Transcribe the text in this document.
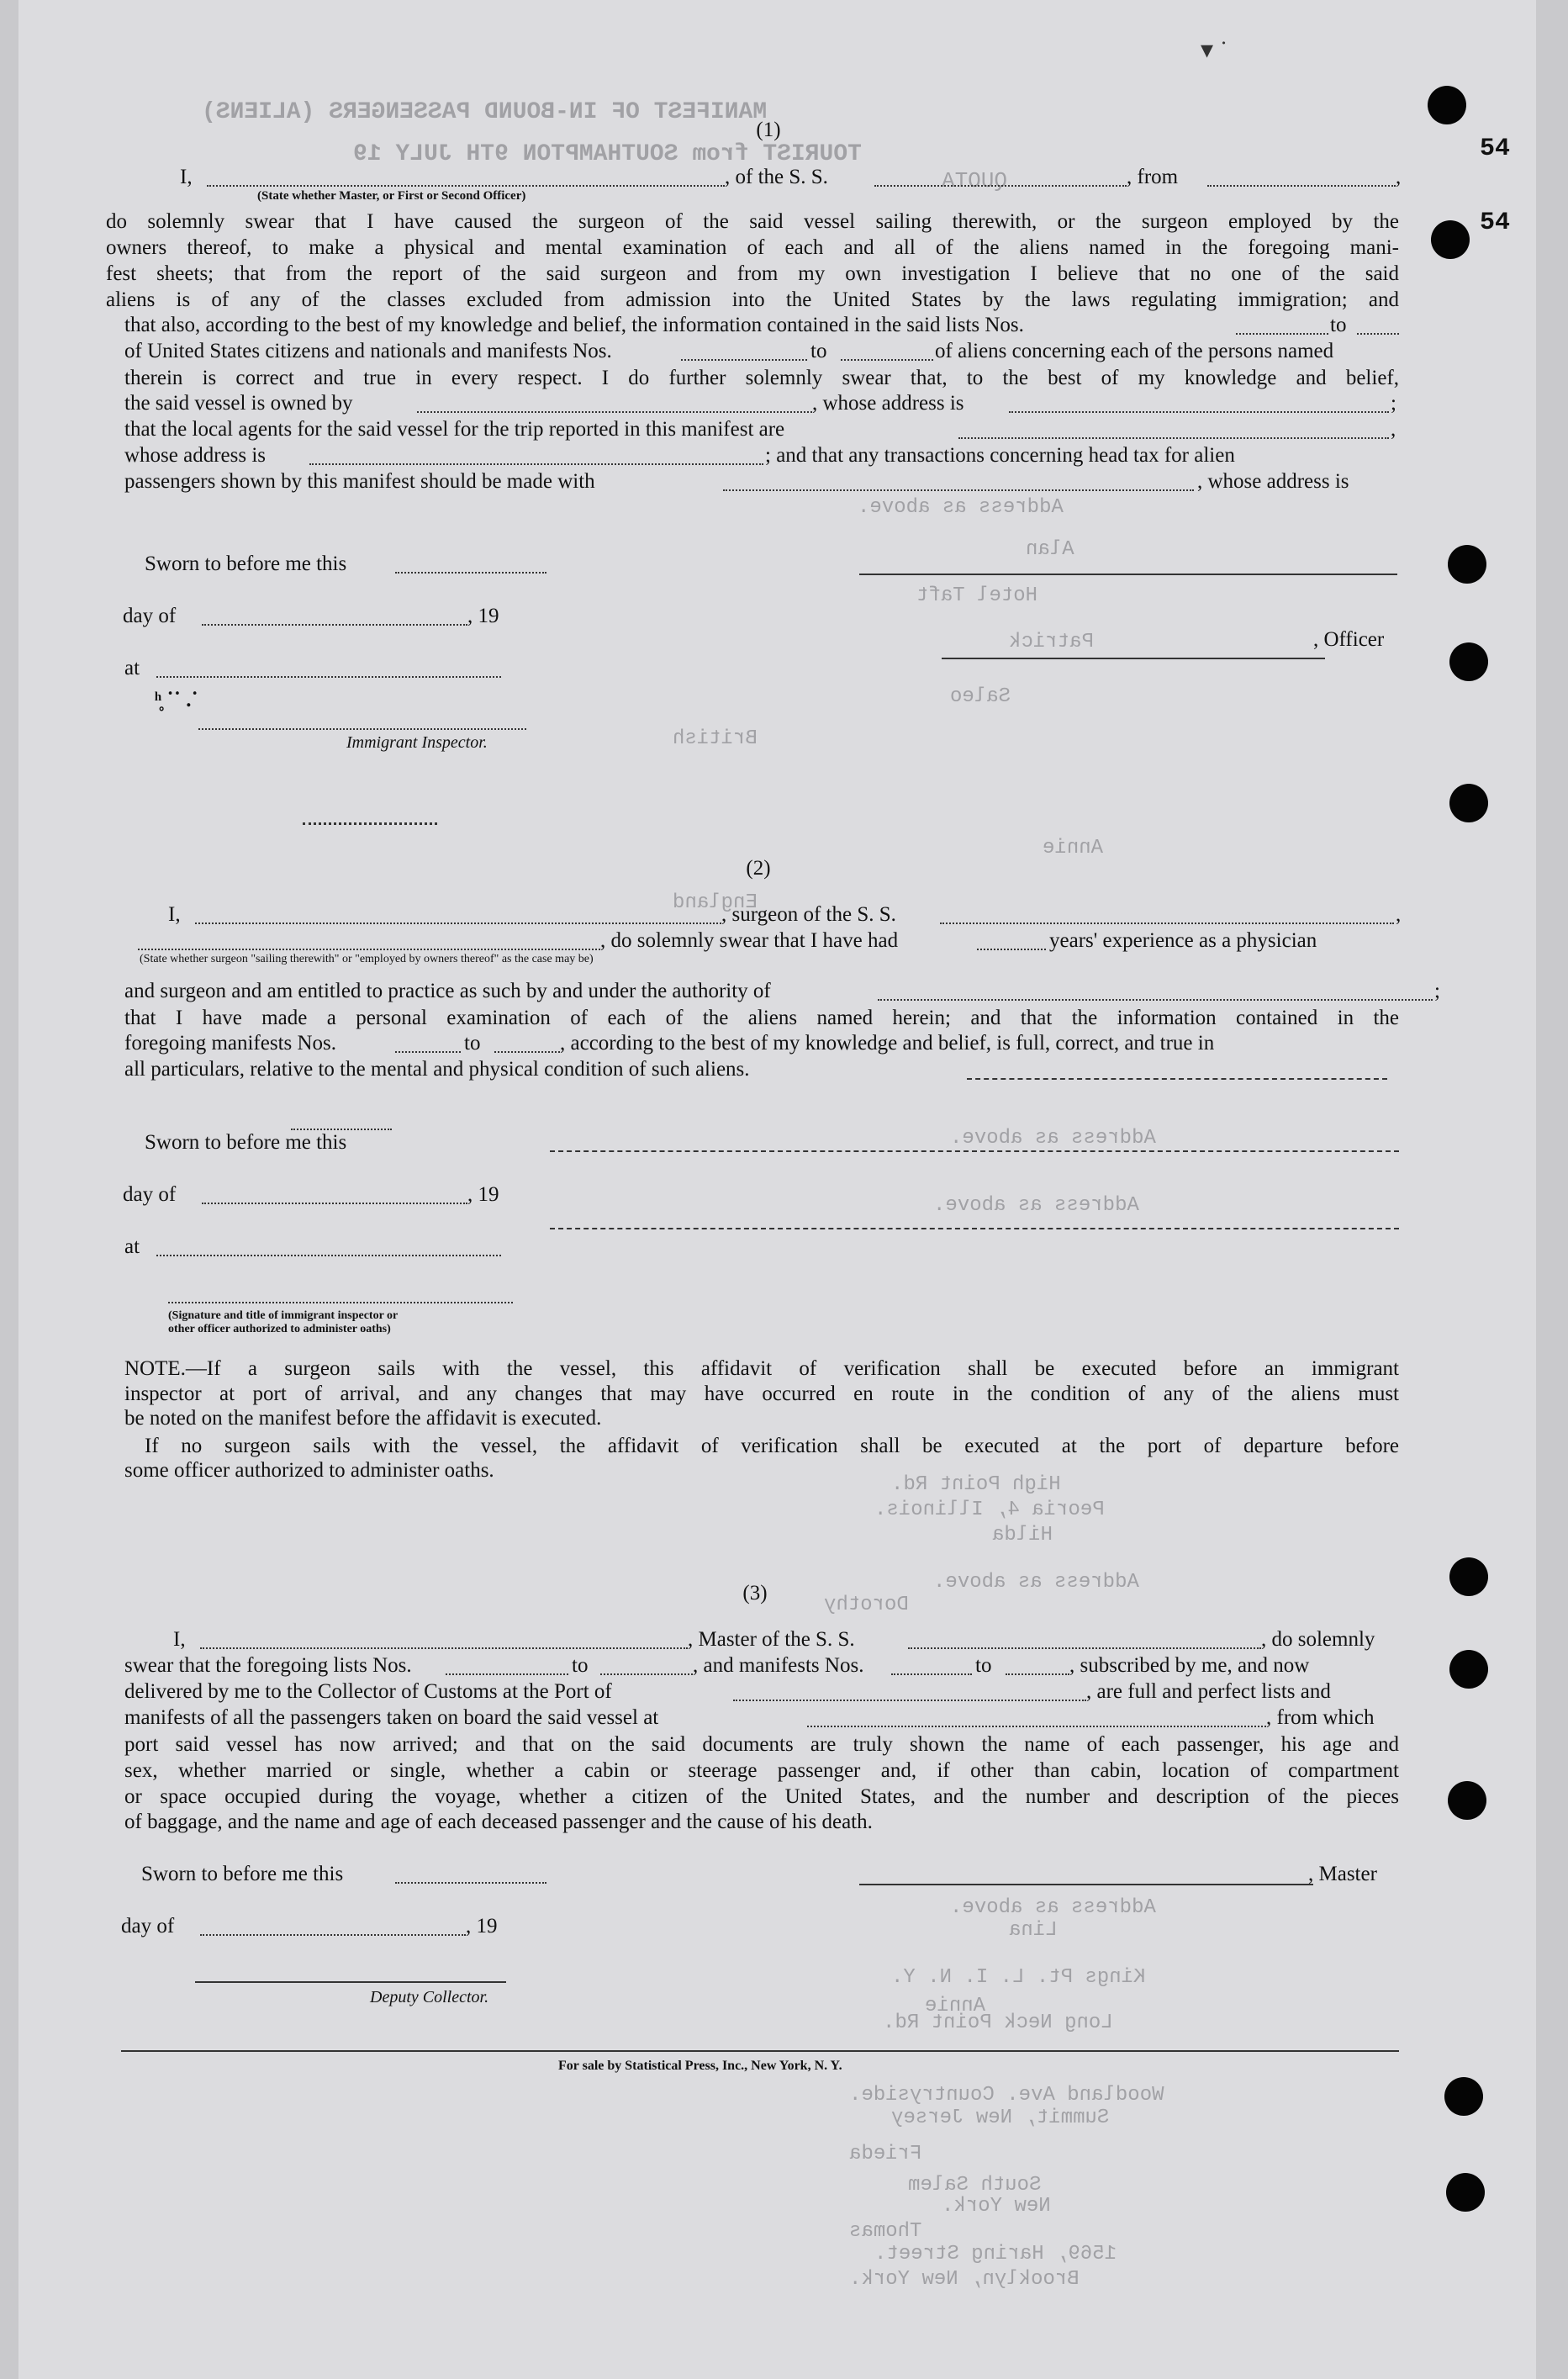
▾ ˙
MANIFEST OF IN-BOUND PASSENGERS (ALIENS)
TOURIST from SOUTHAMPTON 9TH JULY 19
QUOTA
Address as above.
Alan
Hotel Taft
Patrick
Saleo
British
Annie
England
Address as above.
Address as above.
High Point Rd.
Peoria 4, Illinois.
Hilda
Address as above.
Dorothy
Address as above.
Lina
Kings Pt. L. I. N. Y.
Annie
Long Neck Point Rd.
Woodland Ave. Countryside.
Summit, New Jersey
Frieda
South Salem
New York.
Thomas
1569, Haring Street.
Brooklyn, New York.
54
54
(1)
I,	, of the S. S.	, from	,
(State whether Master, or First or Second Officer)
do solemnly swear that I have caused the surgeon of the said vessel sailing therewith, or the surgeon employed by the
owners thereof, to make a physical and mental examination of each and all of the aliens named in the foregoing mani-
fest sheets; that from the report of the said surgeon and from my own investigation I believe that no one of the said
aliens is of any of the classes excluded from admission into the United States by the laws regulating immigration; and
that also, according to the best of my knowledge and belief, the information contained in the said lists Nos.	to
of United States citizens and nationals and manifests Nos.	to	of aliens concerning each of the persons named
therein is correct and true in every respect. I do further solemnly swear that, to the best of my knowledge and belief,
the said vessel is owned by	, whose address is	;
that the local agents for the said vessel for the trip reported in this manifest are	,
whose address is	; and that any transactions concerning head tax for alien
passengers shown by this manifest should be made with	, whose address is
Sworn to before me this
day of	, 19
, Officer
at
ʰ̥ ˙˙ .˙
Immigrant Inspector.
(2)
I,	, surgeon of the S. S.	,
, do solemnly swear that I have had	years' experience as a physician
(State whether surgeon "sailing therewith" or "employed by owners thereof" as the case may be)
and surgeon and am entitled to practice as such by and under the authority of	;
that I have made a personal examination of each of the aliens named herein; and that the information contained in the
foregoing manifests Nos.	to	, according to the best of my knowledge and belief, is full, correct, and true in
all particulars, relative to the mental and physical condition of such aliens.
Sworn to before me this
day of	, 19
at
(Signature and title of immigrant inspector or
other officer authorized to administer oaths)
NOTE.—If a surgeon sails with the vessel, this affidavit of verification shall be executed before an immigrant
inspector at port of arrival, and any changes that may have occurred en route in the condition of any of the aliens must
be noted on the manifest before the affidavit is executed.
If no surgeon sails with the vessel, the affidavit of verification shall be executed at the port of departure before
some officer authorized to administer oaths.
(3)
I,	, Master of the S. S.	, do solemnly
swear that the foregoing lists Nos.	to	, and manifests Nos.	to	, subscribed by me, and now
delivered by me to the Collector of Customs at the Port of	, are full and perfect lists and
manifests of all the passengers taken on board the said vessel at	, from which
port said vessel has now arrived; and that on the said documents are truly shown the name of each passenger, his age and
sex, whether married or single, whether a cabin or steerage passenger and, if other than cabin, location of compartment
or space occupied during the voyage, whether a citizen of the United States, and the number and description of the pieces
of baggage, and the name and age of each deceased passenger and the cause of his death.
Sworn to before me this	, Master
day of	, 19
Deputy Collector.
For sale by Statistical Press, Inc., New York, N. Y.
